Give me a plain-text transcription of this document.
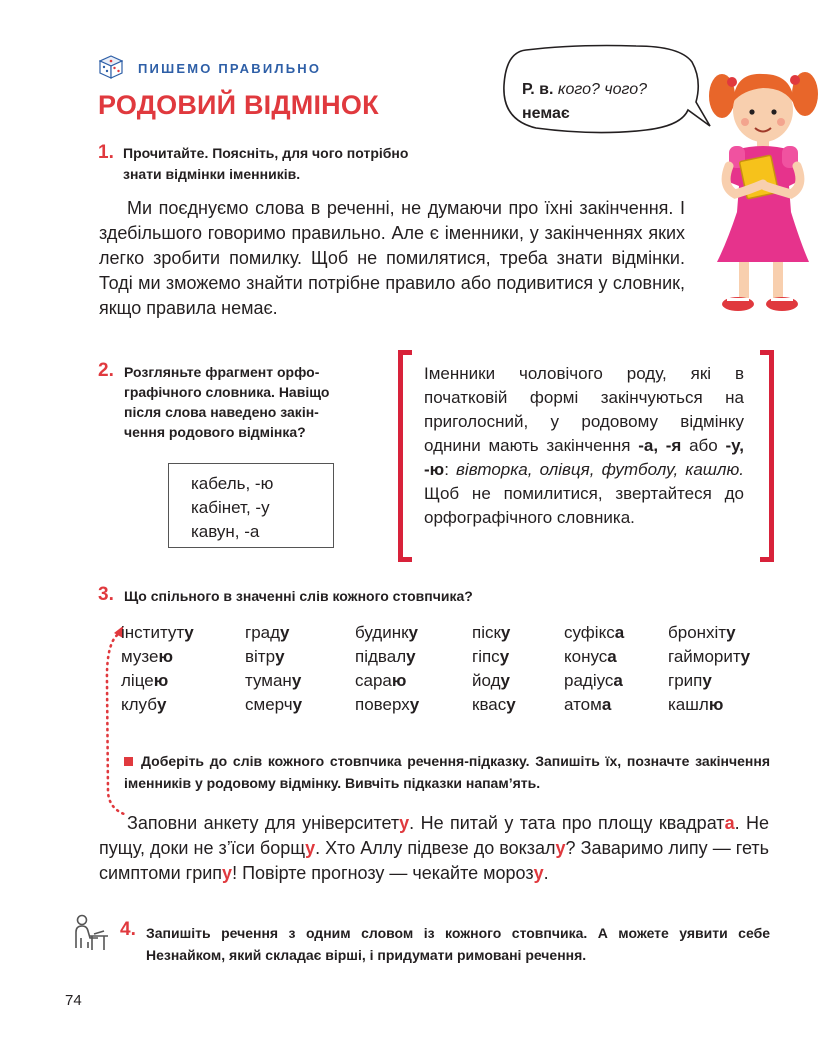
ПИШЕМО ПРАВИЛЬНО
РОДОВИЙ ВІДМІНОК
Р. в. кого? чого?
немає
1. Прочитайте. Поясніть, для чого потрібно
знати відмінки іменників.
Ми поєднуємо слова в реченні, не думаючи про їхні закінчення. І здебільшого говоримо правильно. Але є іменники, у закінченнях яких легко зробити помилку. Щоб не помилятися, треба знати відмінки. Тоді ми зможемо знайти потрібне правило або подивитися у словник, якщо правила немає.
2. Розгляньте фрагмент орфо-
графічного словника. Навіщо
після слова наведено закін-
чення родового відмінка?
кабель, -ю
кабінет, -у
кавун, -а
Іменники чоловічого роду, які в початковій формі закінчуються на приголосний, у родовому відмінку однини мають закінчення -а, -я або -у, -ю: вівторка, олівця, футболу, кашлю. Щоб не помилитися, звертайтеся до орфографічного словника.
3. Що спільного в значенні слів кожного стовпчика?
інституту
музею
ліцею
клубу
граду
вітру
туману
смерчу
будинку
підвалу
сараю
поверху
піску
гіпсу
йоду
квасу
суфікса
конуса
радіуса
атома
бронхіту
гаймориту
грипу
кашлю
Доберіть до слів кожного стовпчика речення-підказку. Запишіть їх, позначте закінчення іменників у родовому відмінку. Вивчіть підказки напам’ять.
Заповни анкету для університету. Не питай у тата про площу квадрата. Не пущу, доки не з’їси борщу. Хто Аллу підвезе до вокзалу? Заваримо липу — геть симптоми грипу! Повірте прогнозу — чекайте морозу.
4. Запишіть речення з одним словом із кожного стовпчика. А можете уявити себе Незнайком, який складає вірші, і придумати римовані речення.
74
